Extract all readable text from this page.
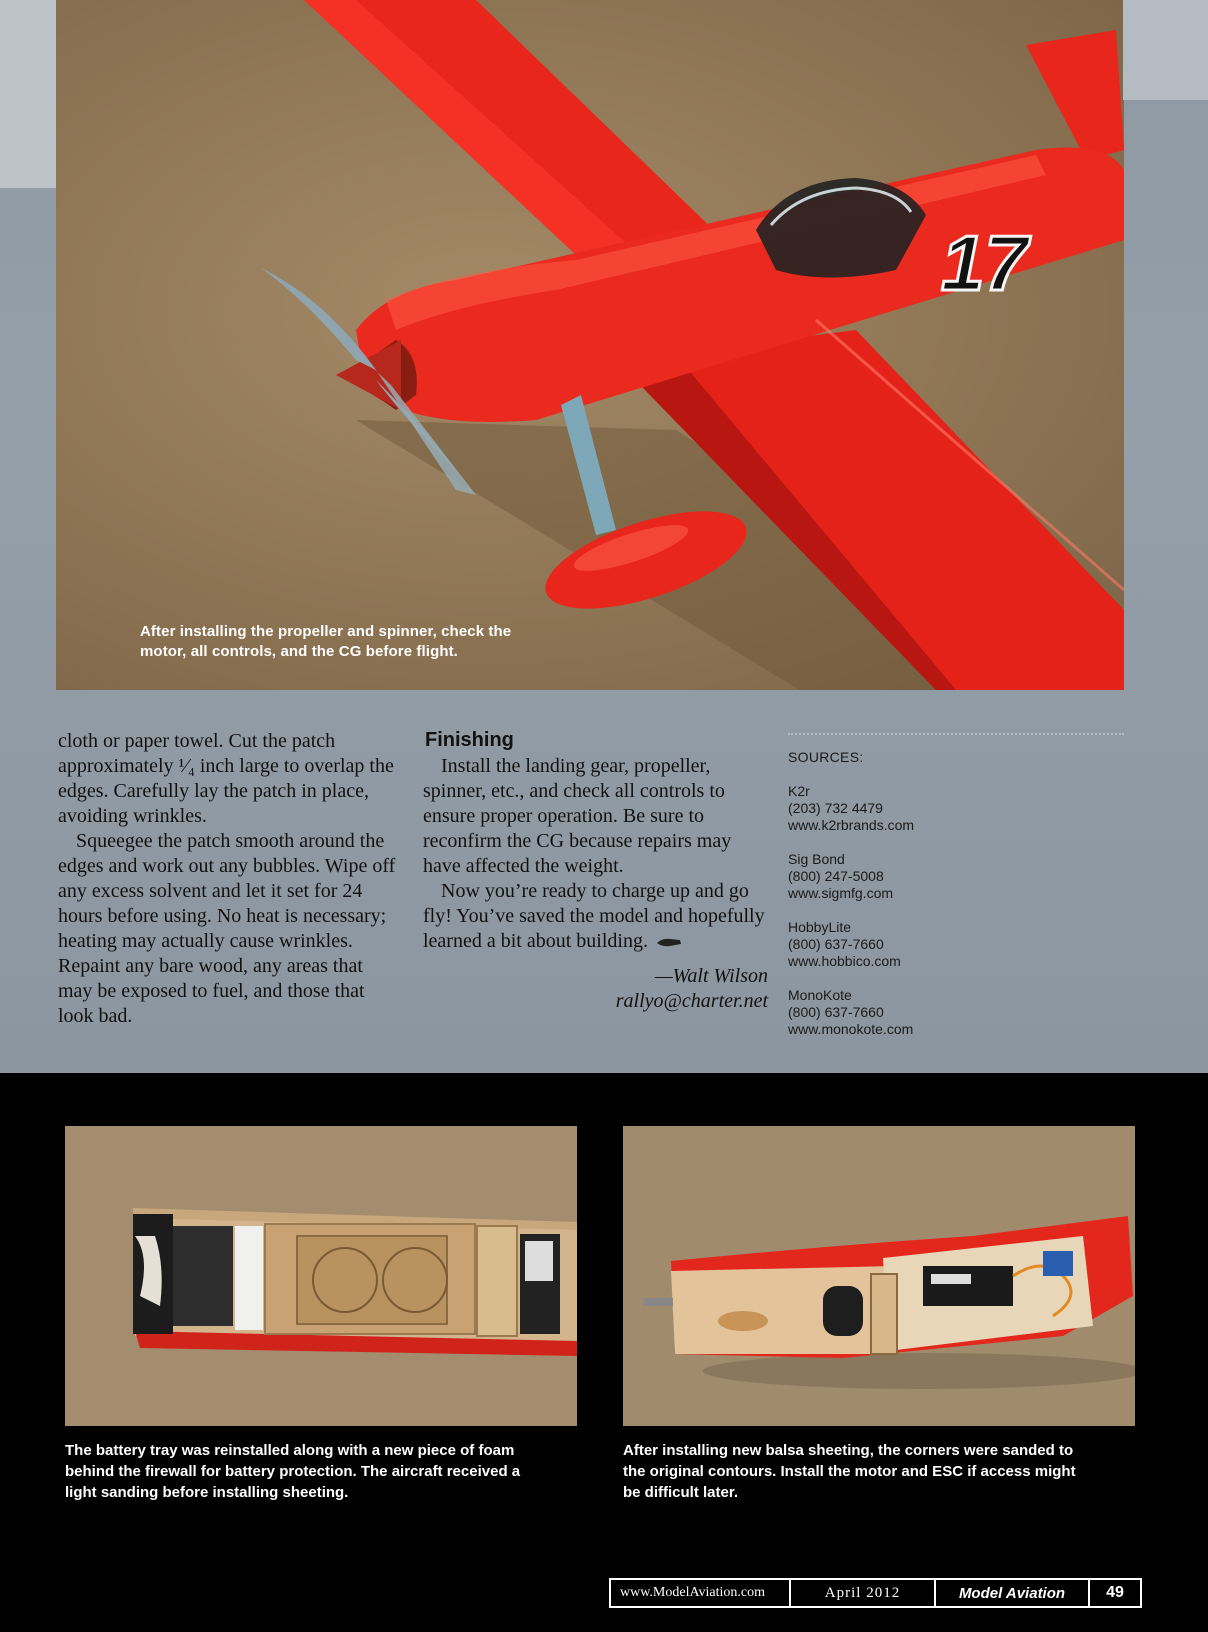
17
After installing the propeller and spinner, check the motor, all controls, and the CG before flight.

cloth or paper towel. Cut the patch approximately ¹⁄₄ inch large to overlap the edges. Carefully lay the patch in place, avoiding wrinkles.

Squeegee the patch smooth around the edges and work out any bubbles. Wipe off any excess solvent and let it set for 24 hours before using. No heat is necessary; heating may actually cause wrinkles. Repaint any bare wood, any areas that may be exposed to fuel, and those that look bad.

Finishing

Install the landing gear, propeller, spinner, etc., and check all controls to ensure proper operation. Be sure to reconfirm the CG because repairs may have affected the weight.

Now you’re ready to charge up and go fly! You’ve saved the model and hopefully learned a bit about building.

—Walt Wilson
rallyo@charter.net
SOURCES:
K2r
(203) 732 4479
www.k2rbrands.com
Sig Bond
(800) 247-5008
www.sigmfg.com
HobbyLite
(800) 637-7660
www.hobbico.com
MonoKote
(800) 637-7660
www.monokote.com
The battery tray was reinstalled along with a new piece of foam behind the firewall for battery protection. The aircraft received a light sanding before installing sheeting.
After installing new balsa sheeting, the corners were sanded to the original contours. Install the motor and ESC if access might be difficult later.
www.ModelAviation.com	April 2012	Model Aviation	49
